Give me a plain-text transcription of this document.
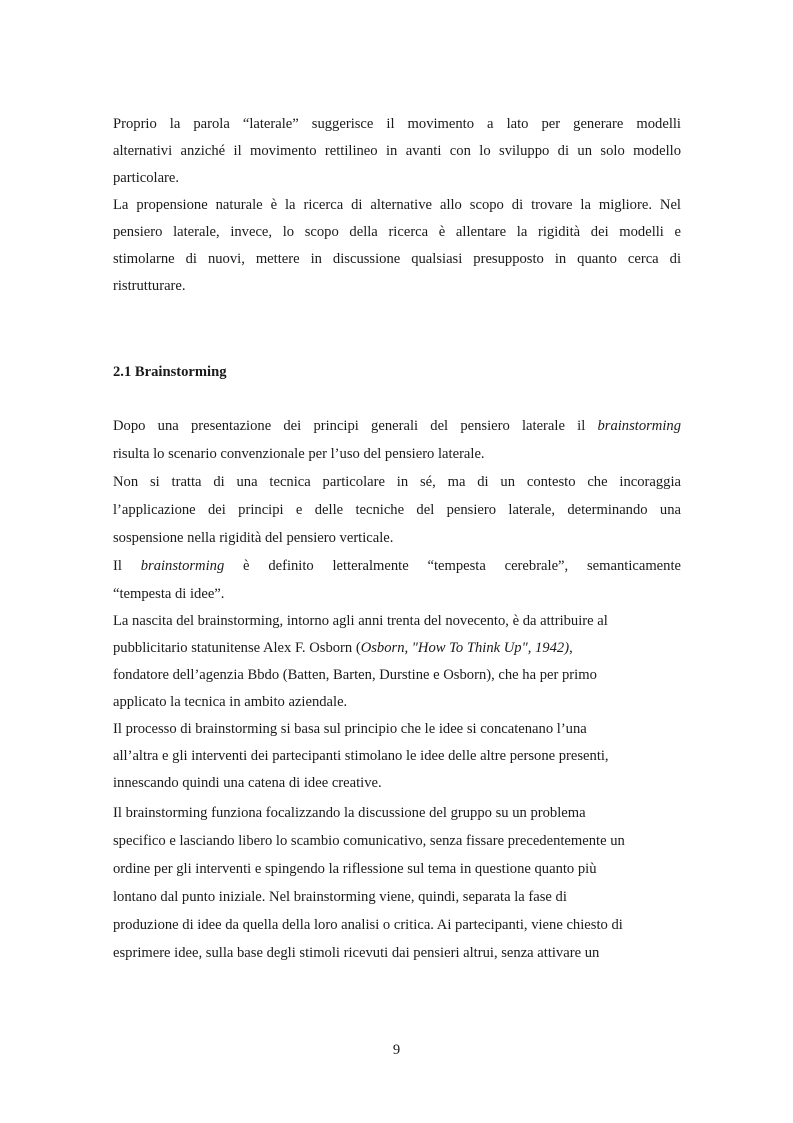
Proprio la parola “laterale” suggerisce il movimento a lato per generare modelli
alternativi anziché il movimento rettilineo in avanti con lo sviluppo di un solo modello
particolare.
La propensione naturale è la ricerca di alternative allo scopo di trovare la migliore. Nel
pensiero laterale, invece, lo scopo della ricerca è allentare la rigidità dei modelli e
stimolarne di nuovi, mettere in discussione qualsiasi presupposto in quanto cerca di
ristrutturare.
2.1 Brainstorming
Dopo una presentazione dei principi generali del pensiero laterale il brainstorming
risulta lo scenario convenzionale per l’uso del pensiero laterale.
Non si tratta di una tecnica particolare in sé, ma di un contesto che incoraggia
l’applicazione dei principi e delle tecniche del pensiero laterale, determinando una
sospensione nella rigidità del pensiero verticale.
Il brainstorming è definito letteralmente “tempesta cerebrale”, semanticamente
“tempesta di idee”.
La nascita del brainstorming, intorno agli anni trenta del novecento, è da attribuire al
pubblicitario statunitense Alex F. Osborn (Osborn, "How To Think Up", 1942),
fondatore dell’agenzia Bbdo (Batten, Barten, Durstine e Osborn), che ha per primo
applicato la tecnica in ambito aziendale.
Il processo di brainstorming si basa sul principio che le idee si concatenano l’una
all’altra e gli interventi dei partecipanti stimolano le idee delle altre persone presenti,
innescando quindi una catena di idee creative.
Il brainstorming funziona focalizzando la discussione del gruppo su un problema
specifico e lasciando libero lo scambio comunicativo, senza fissare precedentemente un
ordine per gli interventi e spingendo la riflessione sul tema in questione quanto più
lontano dal punto iniziale. Nel brainstorming viene, quindi, separata la fase di
produzione di idee da quella della loro analisi o critica. Ai partecipanti, viene chiesto di
esprimere idee, sulla base degli stimoli ricevuti dai pensieri altrui, senza attivare un
9
